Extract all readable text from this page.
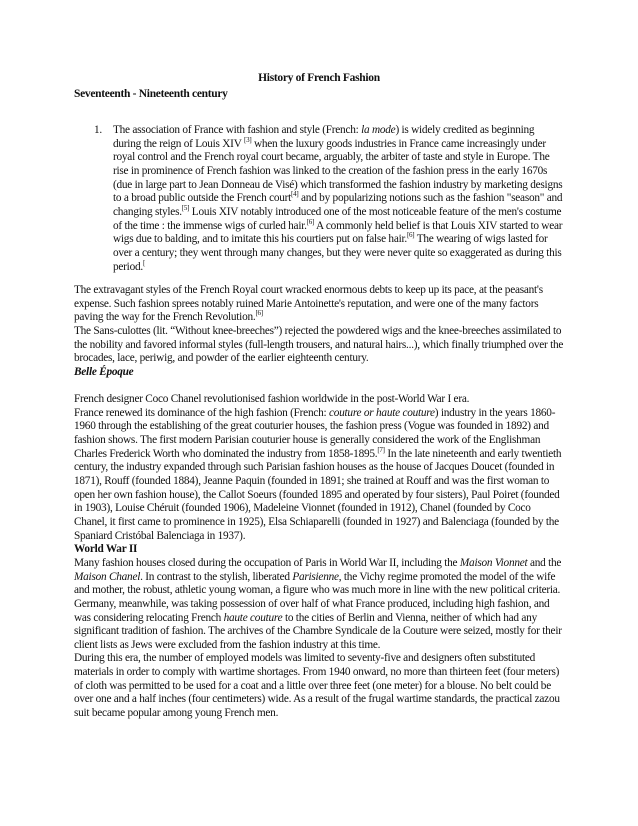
History of French Fashion
Seventeenth - Nineteenth century
1. The association of France with fashion and style (French: la mode) is widely credited as beginning during the reign of Louis XIV [3] when the luxury goods industries in France came increasingly under royal control and the French royal court became, arguably, the arbiter of taste and style in Europe. The rise in prominence of French fashion was linked to the creation of the fashion press in the early 1670s (due in large part to Jean Donneau de Visé) which transformed the fashion industry by marketing designs to a broad public outside the French court[4] and by popularizing notions such as the fashion "season" and changing styles.[5] Louis XIV notably introduced one of the most noticeable feature of the men's costume of the time : the immense wigs of curled hair.[6] A commonly held belief is that Louis XIV started to wear wigs due to balding, and to imitate this his courtiers put on false hair.[6] The wearing of wigs lasted for over a century; they went through many changes, but they were never quite so exaggerated as during this period.[

The extravagant styles of the French Royal court wracked enormous debts to keep up its pace, at the peasant's expense. Such fashion sprees notably ruined Marie Antoinette's reputation, and were one of the many factors paving the way for the French Revolution.[6]

The Sans-culottes (lit. “Without knee-breeches”) rejected the powdered wigs and the knee-breeches assimilated to the nobility and favored informal styles (full-length trousers, and natural hairs...), which finally triumphed over the brocades, lace, periwig, and powder of the earlier eighteenth century.

Belle Époque

French designer Coco Chanel revolutionised fashion worldwide in the post-World War I era.

France renewed its dominance of the high fashion (French: couture or haute couture) industry in the years 1860-1960 through the establishing of the great couturier houses, the fashion press (Vogue was founded in 1892) and fashion shows. The first modern Parisian couturier house is generally considered the work of the Englishman Charles Frederick Worth who dominated the industry from 1858-1895.[7] In the late nineteenth and early twentieth century, the industry expanded through such Parisian fashion houses as the house of Jacques Doucet (founded in 1871), Rouff (founded 1884), Jeanne Paquin (founded in 1891; she trained at Rouff and was the first woman to open her own fashion house), the Callot Soeurs (founded 1895 and operated by four sisters), Paul Poiret (founded in 1903), Louise Chéruit (founded 1906), Madeleine Vionnet (founded in 1912), Chanel (founded by Coco Chanel, it first came to prominence in 1925), Elsa Schiaparelli (founded in 1927) and Balenciaga (founded by the Spaniard Cristóbal Balenciaga in 1937).

World War II

Many fashion houses closed during the occupation of Paris in World War II, including the Maison Vionnet and the Maison Chanel. In contrast to the stylish, liberated Parisienne, the Vichy regime promoted the model of the wife and mother, the robust, athletic young woman, a figure who was much more in line with the new political criteria. Germany, meanwhile, was taking possession of over half of what France produced, including high fashion, and was considering relocating French haute couture to the cities of Berlin and Vienna, neither of which had any significant tradition of fashion. The archives of the Chambre Syndicale de la Couture were seized, mostly for their client lists as Jews were excluded from the fashion industry at this time.

During this era, the number of employed models was limited to seventy-five and designers often substituted materials in order to comply with wartime shortages. From 1940 onward, no more than thirteen feet (four meters) of cloth was permitted to be used for a coat and a little over three feet (one meter) for a blouse. No belt could be over one and a half inches (four centimeters) wide. As a result of the frugal wartime standards, the practical zazou suit became popular among young French men.
